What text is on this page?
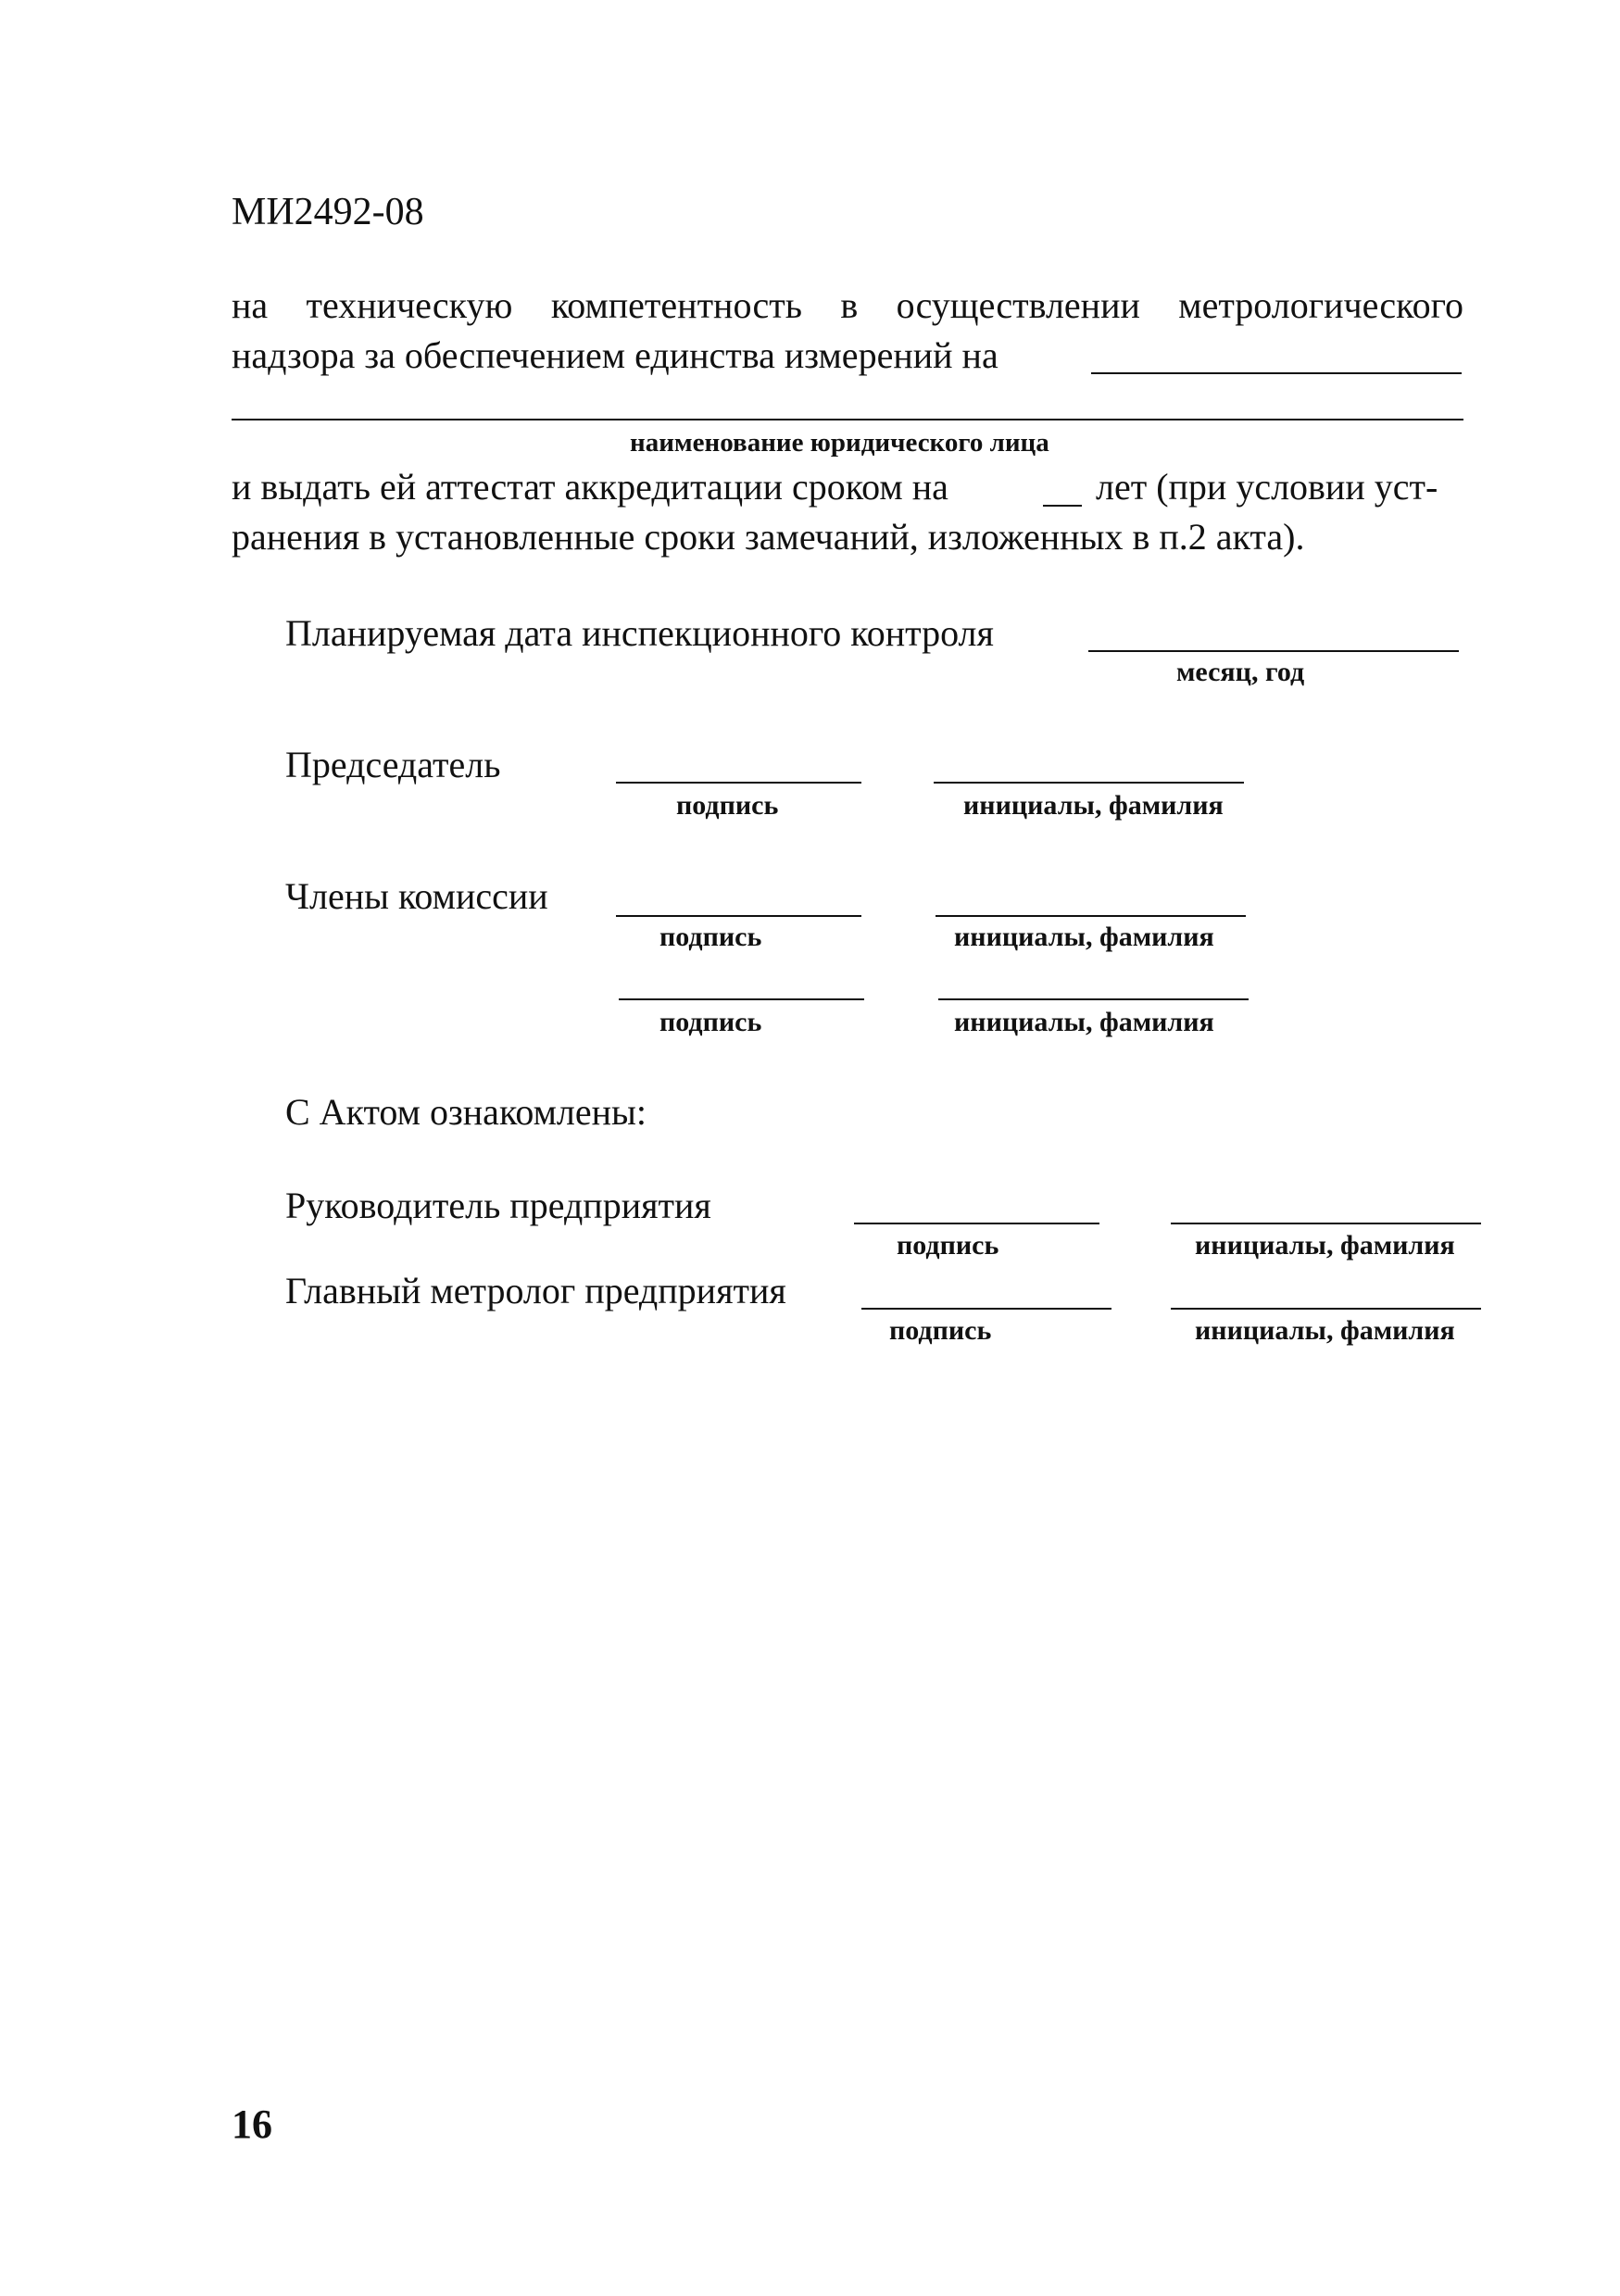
МИ2492-08
на техническую компетентность в осуществлении метрологического
надзора за обеспечением единства измерений на
наименование юридического лица
и выдать ей аттестат аккредитации сроком на	лет (при условии уст-
ранения в установленные сроки замечаний, изложенных в п.2 акта).
Планируемая дата инспекционного контроля
месяц, год
Председатель
подпись	инициалы, фамилия
Члены комиссии
подпись	инициалы, фамилия
подпись	инициалы, фамилия
С Актом ознакомлены:
Руководитель предприятия
подпись	инициалы, фамилия
Главный метролог предприятия
подпись	инициалы, фамилия
16
